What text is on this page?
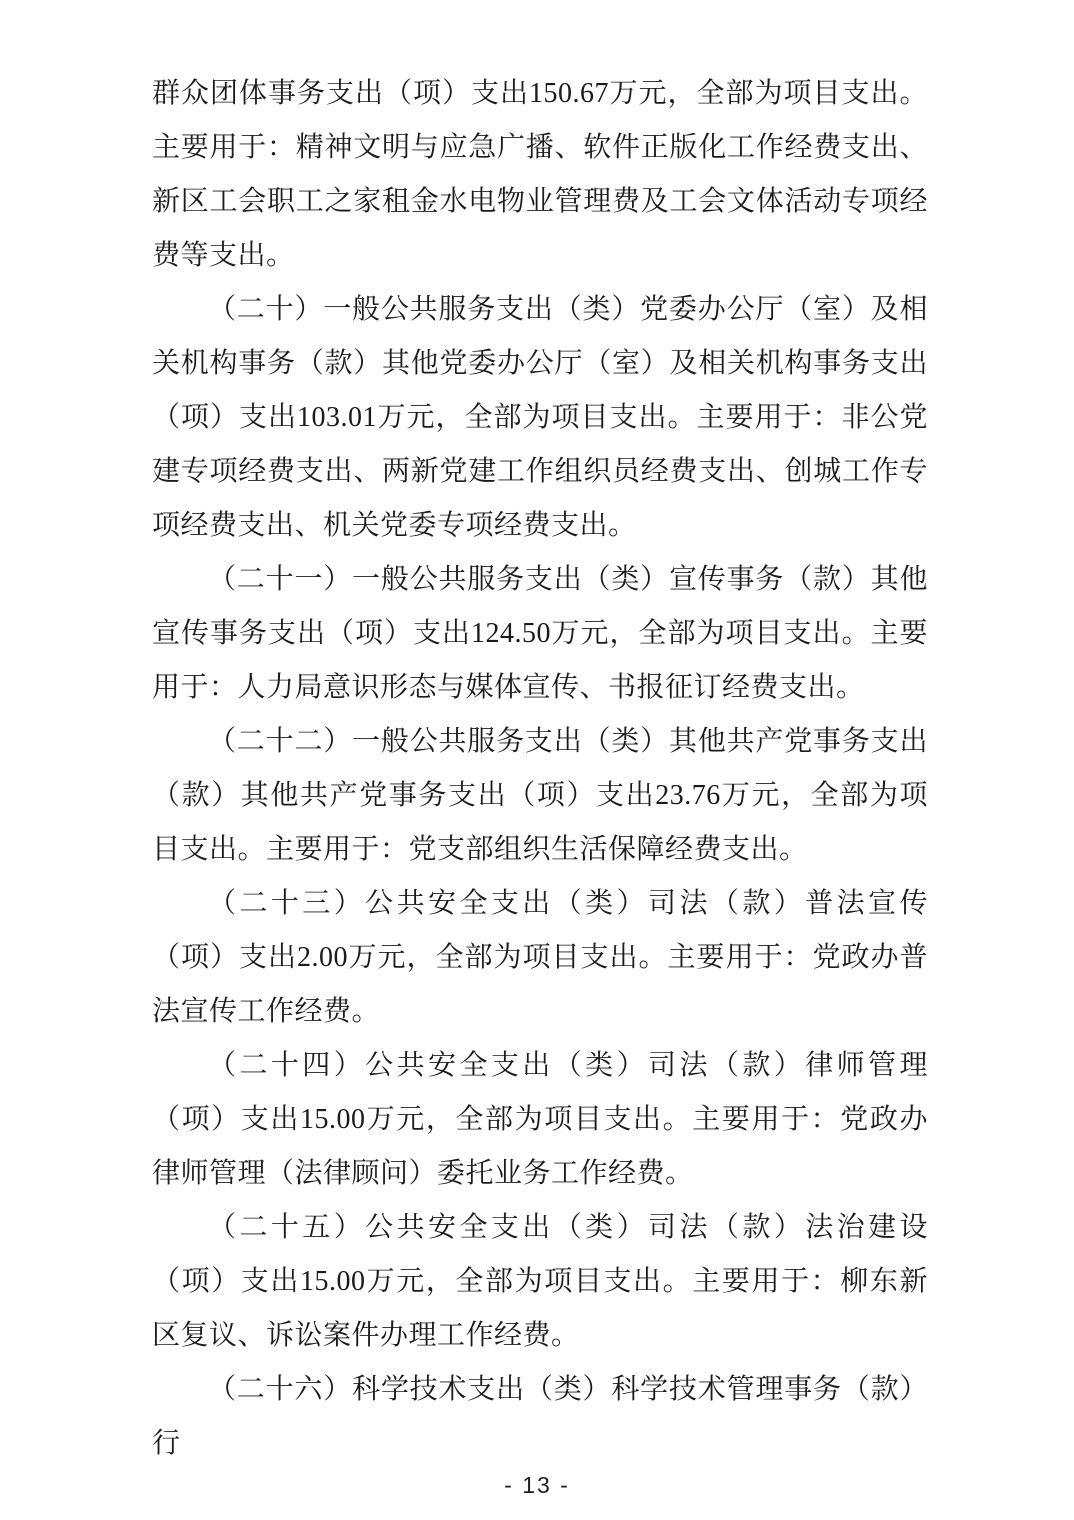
群众团体事务支出（项）支出150.67万元，全部为项目支出。主要用于：精神文明与应急广播、软件正版化工作经费支出、新区工会职工之家租金水电物业管理费及工会文体活动专项经费等支出。

（二十）一般公共服务支出（类）党委办公厅（室）及相关机构事务（款）其他党委办公厅（室）及相关机构事务支出（项）支出103.01万元，全部为项目支出。主要用于：非公党建专项经费支出、两新党建工作组织员经费支出、创城工作专项经费支出、机关党委专项经费支出。

（二十一）一般公共服务支出（类）宣传事务（款）其他宣传事务支出（项）支出124.50万元，全部为项目支出。主要用于：人力局意识形态与媒体宣传、书报征订经费支出。

（二十二）一般公共服务支出（类）其他共产党事务支出（款）其他共产党事务支出（项）支出23.76万元，全部为项目支出。主要用于：党支部组织生活保障经费支出。

（二十三）公共安全支出（类）司法（款）普法宣传（项）支出2.00万元，全部为项目支出。主要用于：党政办普法宣传工作经费。

（二十四）公共安全支出（类）司法（款）律师管理（项）支出15.00万元，全部为项目支出。主要用于：党政办律师管理（法律顾问）委托业务工作经费。

（二十五）公共安全支出（类）司法（款）法治建设（项）支出15.00万元，全部为项目支出。主要用于：柳东新区复议、诉讼案件办理工作经费。

（二十六）科学技术支出（类）科学技术管理事务（款）行

- 13 -
